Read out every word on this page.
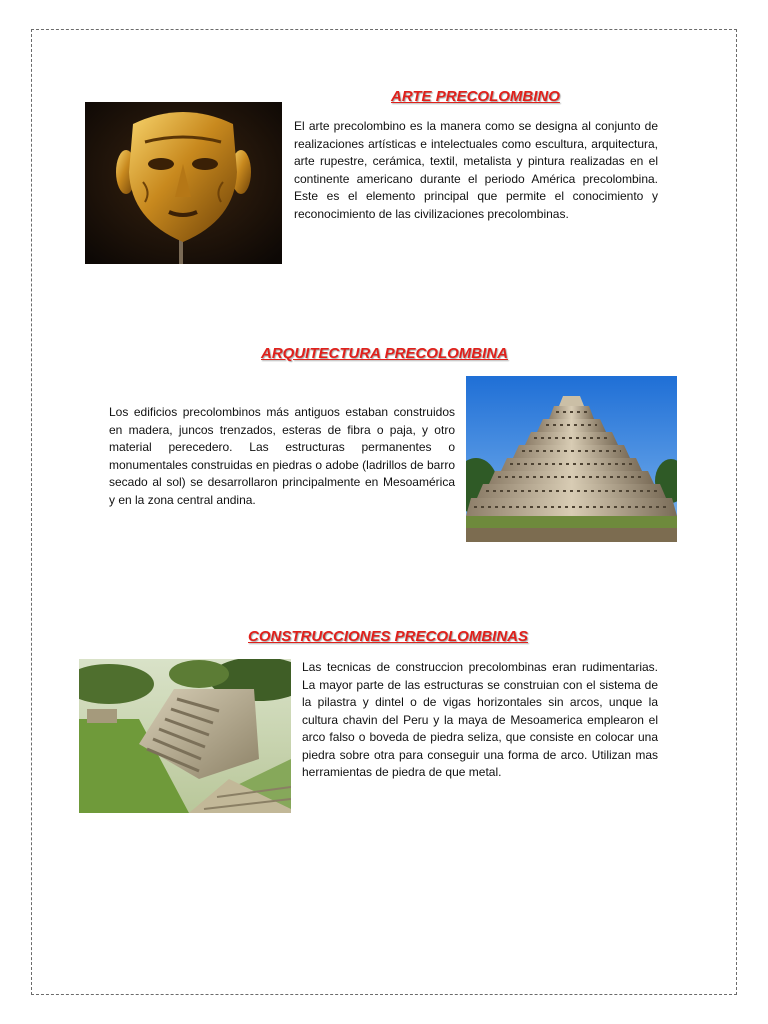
ARTE PRECOLOMBINO

El arte precolombino es la manera como se designa al conjunto de realizaciones artísticas e intelectuales como escultura, arquitectura, arte rupestre, cerámica, textil, metalista y pintura realizadas en el continente americano durante el periodo América precolombina. Este es el elemento principal que permite el conocimiento y reconocimiento de las civilizaciones precolombinas.

ARQUITECTURA PRECOLOMBINA

Los edificios precolombinos más antiguos estaban construidos en madera, juncos trenzados, esteras de fibra o paja, y otro material perecedero. Las estructuras permanentes o monumentales construidas en piedras o adobe (ladrillos de barro secado al sol) se desarrollaron principalmente en Mesoamérica y en la zona central andina.

CONSTRUCCIONES PRECOLOMBINAS

Las tecnicas de construccion precolombinas eran rudimentarias. La mayor parte de las estructuras se construian con el sistema de la pilastra y dintel o de vigas horizontales sin arcos, unque la cultura chavin del Peru y la maya de Mesoamerica emplearon el arco falso o boveda de piedra seliza, que consiste en colocar una piedra sobre otra para conseguir una forma de arco. Utilizan mas herramientas de piedra de que metal.
